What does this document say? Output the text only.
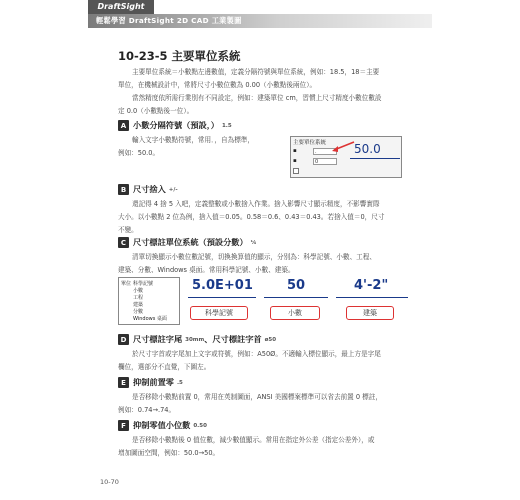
DraftSight
輕鬆學習 DraftSight 2D CAD 工業製圖
10-23-5 主要單位系統
主要單位系統＝小數點左邊數值，定義分隔符號與單位系統，例如：18.5，18＝主要
單位，在機械設計中，常將尺寸小數位數為 0.00（小數點後兩位）。
當然精度依所需行業別有不同設定，例如：建築單位 cm，習慣上尺寸精度小數位數設
定 0.0（小數點後一位）。
A 小數分隔符號（預設，） 1.5
輸入文字小數點符號，常用．，自為標準，
例如：50.0。
主要單位系統
▪	.
▪	0
50.0
B 尺寸捨入 +/-
還記得 4 捨 5 入吧，定義整數或小數捨入作業。捨入影響尺寸顯示精度，不影響實際
大小。以小數點 2 位為例，捨入值＝0.05。0.58＝0.6、0.43＝0.43。若捨入值＝0，尺寸
不變。
C 尺寸標註單位系統（預設分數） ¼
清單切換顯示小數位數記號，切換換算值的顯示，分別為：科學記號、小數、工程、
建築、分數、Windows 桌面。常用科學記號、小數、建築。
單位 科學記號
小數
工程
建築
分數
Windows 桌面
5.0E+01
科學記號
50
小數
4'-2"
建築
D 尺寸標註字尾 30mm 、尺寸標註字首 ø50
於尺寸字首或字尾加上文字或符號，例如：A50Ø。不適輸入標位顯示，最上方是字尾
欄位，選部分不直覺，下圖左。
E 抑制前置零 .5
是否移除小數點前置 0，常用在英制圖面，ANSI 美國標案標準可以省去前置 0 標註，
例如：0.74→.74。
F 抑制零值小位數 0.50
是否移除小數點後 0 值位數，減少數值顯示。常用在指定外公差（指定公差外），或
增加圖面空間，例如：50.0→50。
10-70
